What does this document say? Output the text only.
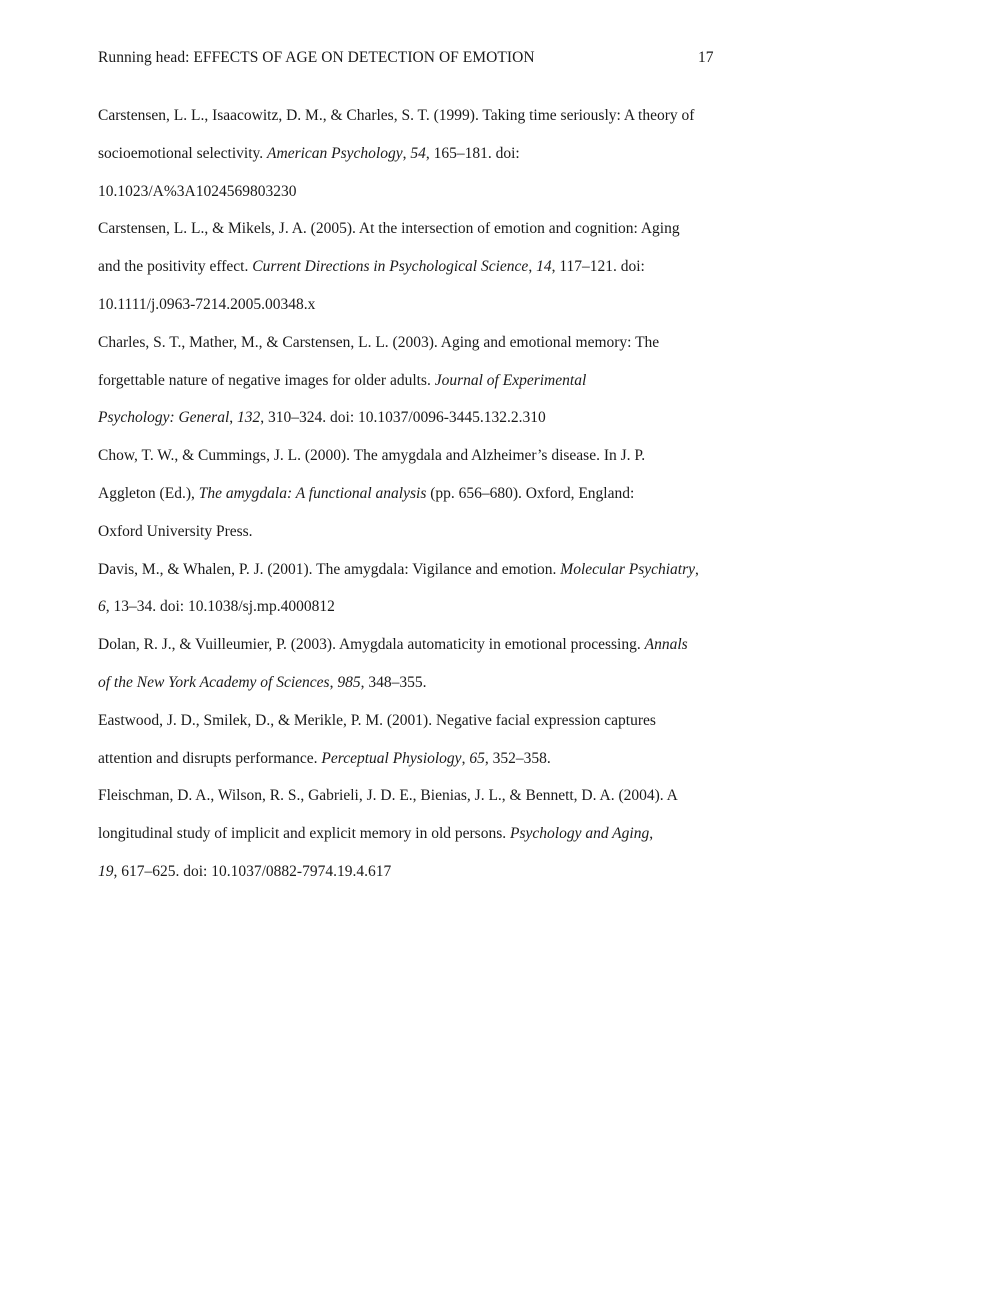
Running head: EFFECTS OF AGE ON DETECTION OF EMOTION	17

Carstensen, L. L., Isaacowitz, D. M., & Charles, S. T. (1999). Taking time seriously: A theory of
socioemotional selectivity. American Psychology, 54, 165–181. doi:
10.1023/A%3A1024569803230

Carstensen, L. L., & Mikels, J. A. (2005). At the intersection of emotion and cognition: Aging
and the positivity effect. Current Directions in Psychological Science, 14, 117–121. doi:
10.1111/j.0963-7214.2005.00348.x

Charles, S. T., Mather, M., & Carstensen, L. L. (2003). Aging and emotional memory: The
forgettable nature of negative images for older adults. Journal of Experimental
Psychology: General, 132, 310–324. doi: 10.1037/0096-3445.132.2.310

Chow, T. W., & Cummings, J. L. (2000). The amygdala and Alzheimer’s disease. In J. P.
Aggleton (Ed.), The amygdala: A functional analysis (pp. 656–680). Oxford, England:
Oxford University Press.

Davis, M., & Whalen, P. J. (2001). The amygdala: Vigilance and emotion. Molecular Psychiatry,
6, 13–34. doi: 10.1038/sj.mp.4000812

Dolan, R. J., & Vuilleumier, P. (2003). Amygdala automaticity in emotional processing. Annals
of the New York Academy of Sciences, 985, 348–355.

Eastwood, J. D., Smilek, D., & Merikle, P. M. (2001). Negative facial expression captures
attention and disrupts performance. Perceptual Physiology, 65, 352–358.

Fleischman, D. A., Wilson, R. S., Gabrieli, J. D. E., Bienias, J. L., & Bennett, D. A. (2004). A
longitudinal study of implicit and explicit memory in old persons. Psychology and Aging,
19, 617–625. doi: 10.1037/0882-7974.19.4.617
